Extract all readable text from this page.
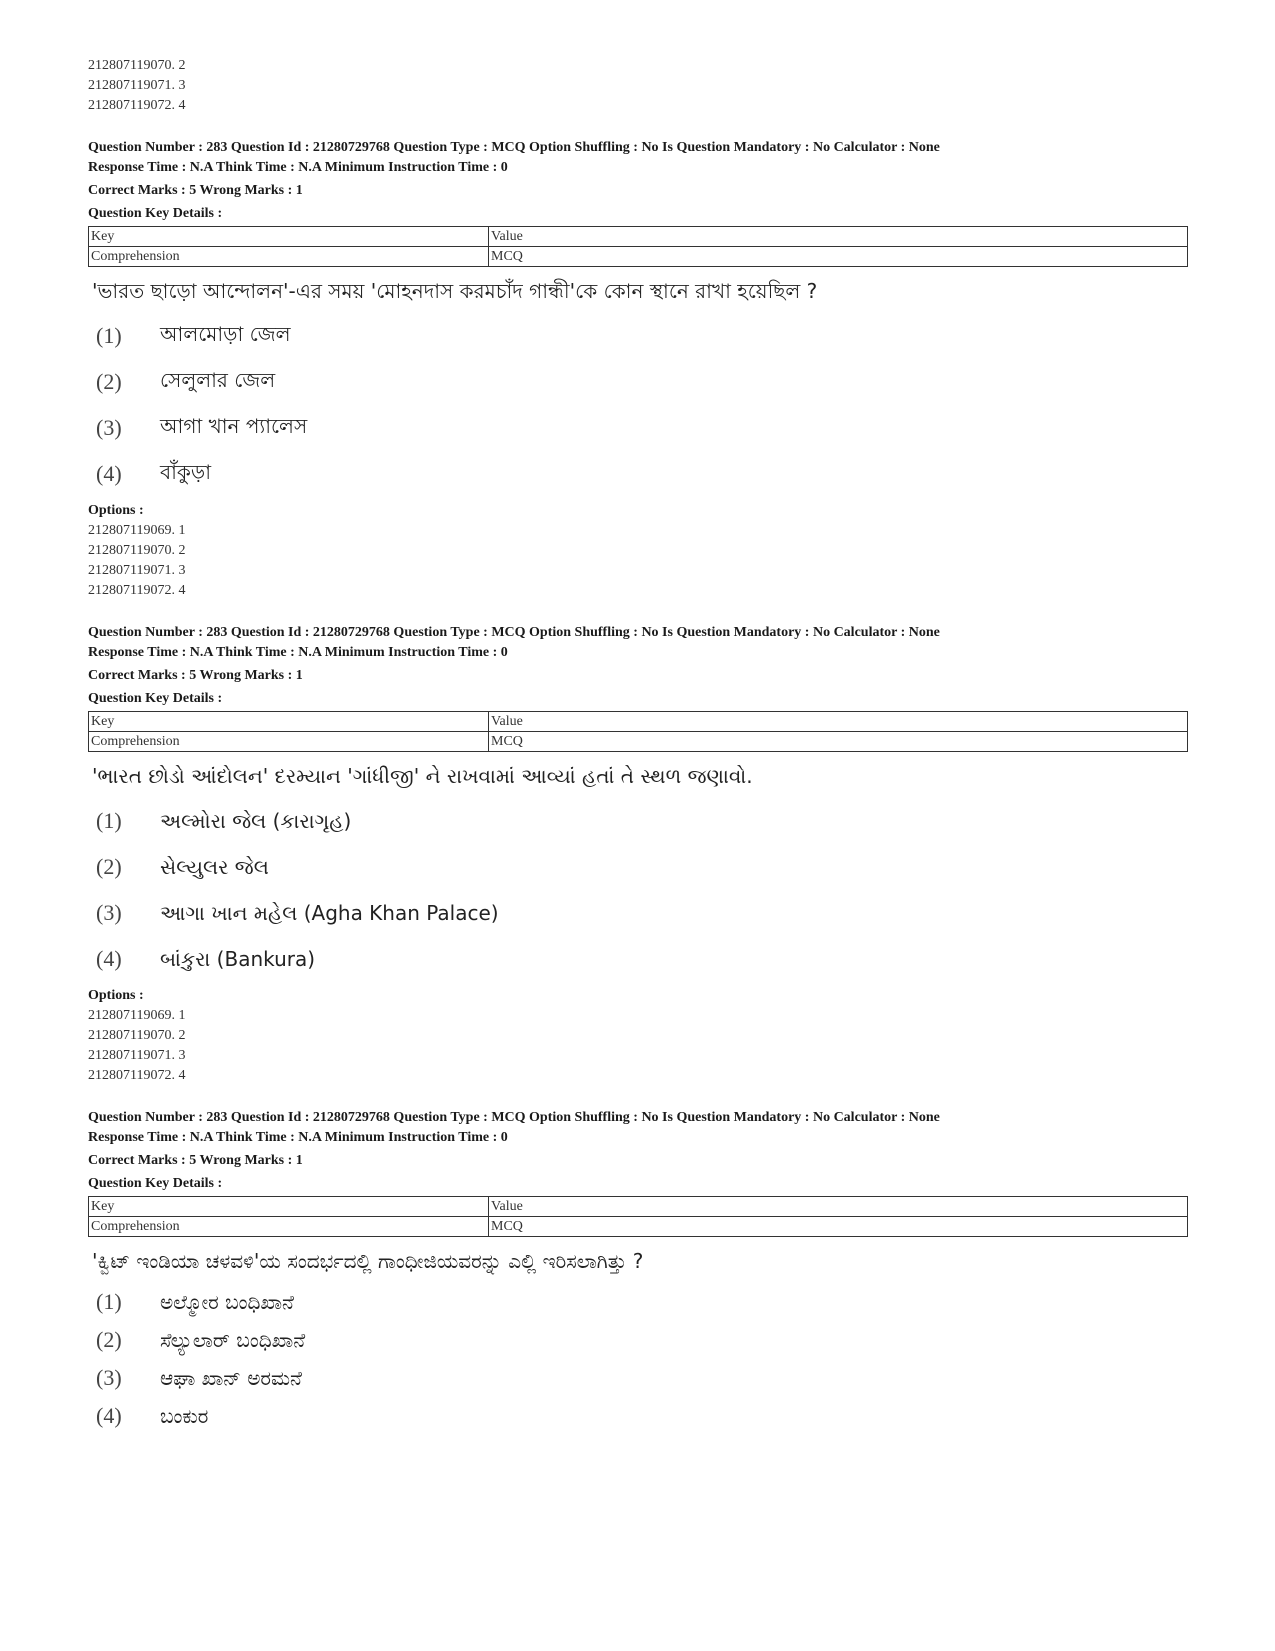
212807119070. 2

212807119071. 3

212807119072. 4

Question Number : 283 Question Id : 21280729768 Question Type : MCQ Option Shuffling : No Is Question Mandatory : No Calculator : None

Response Time : N.A Think Time : N.A Minimum Instruction Time : 0

Correct Marks : 5 Wrong Marks : 1

Question Key Details :

Key	Value
Comprehension	MCQ

'ভারত ছাড়ো আন্দোলন'-এর সময় 'মোহনদাস করমচাঁদ গান্ধী'কে কোন স্থানে রাখা হয়েছিল ?

(1)	আলমোড়া জেল
(2)	সেলুলার জেল
(3)	আগা খান প্যালেস
(4)	বাঁকুড়া

Options :

212807119069. 1

212807119070. 2

212807119071. 3

212807119072. 4

Question Number : 283 Question Id : 21280729768 Question Type : MCQ Option Shuffling : No Is Question Mandatory : No Calculator : None

Response Time : N.A Think Time : N.A Minimum Instruction Time : 0

Correct Marks : 5 Wrong Marks : 1

Question Key Details :

Key	Value
Comprehension	MCQ

'ભારત છોડો આંદોલન' દરમ્યાન 'ગાંધીજી' ને રાખવામાં આવ્યાં હતાં તે સ્થળ જણાવો.

(1)	અલ્મોરા જેલ (કારાગૃહ)
(2)	સેલ્યુલર જેલ
(3)	આગા ખાન મહેલ (Agha Khan Palace)
(4)	બાંકુરા (Bankura)

Options :

212807119069. 1

212807119070. 2

212807119071. 3

212807119072. 4

Question Number : 283 Question Id : 21280729768 Question Type : MCQ Option Shuffling : No Is Question Mandatory : No Calculator : None

Response Time : N.A Think Time : N.A Minimum Instruction Time : 0

Correct Marks : 5 Wrong Marks : 1

Question Key Details :

Key	Value
Comprehension	MCQ

'ಕ್ವಿಟ್ ಇಂಡಿಯಾ ಚಳವಳಿ'ಯ ಸಂದರ್ಭದಲ್ಲಿ ಗಾಂಧೀಜಿಯವರನ್ನು ಎಲ್ಲಿ ಇರಿಸಲಾಗಿತ್ತು ?

(1)	ಅಲ್ಮೋರ ಬಂಧಿಖಾನೆ
(2)	ಸೆಲ್ಯುಲಾರ್ ಬಂಧಿಖಾನೆ
(3)	ಆಘಾ ಖಾನ್ ಅರಮನೆ
(4)	ಬಂಕುರ
